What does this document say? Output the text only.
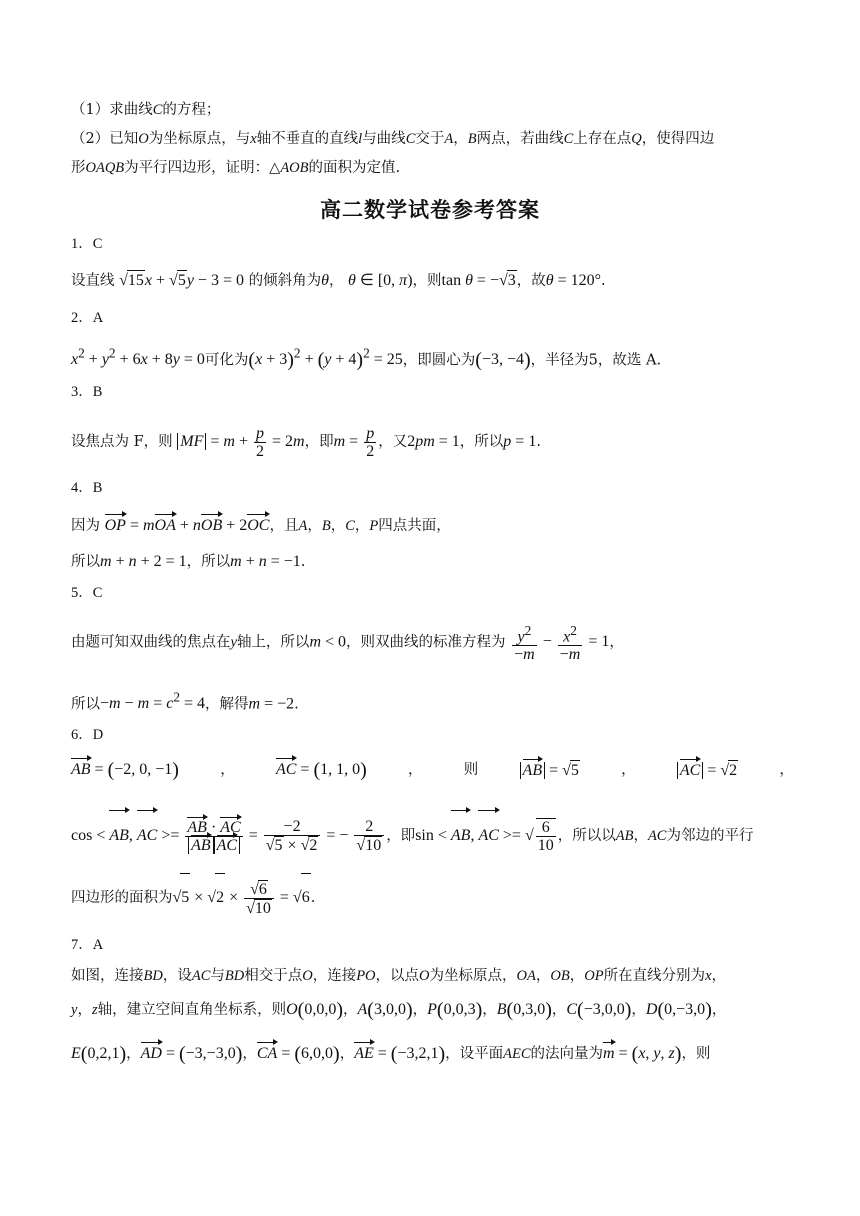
（1）求曲线C的方程；
（2）已知O为坐标原点，与x轴不垂直的直线l与曲线C交于A，B两点，若曲线C上存在点Q，使得四边
形OAQB为平行四边形，证明：△AOB的面积为定值.
高二数学试卷参考答案
1．C
设直线 √15x + √5y − 3 = 0 的倾斜角为θ， θ ∈ [0, π)，则tan θ = −√3，故θ = 120°.
2．A
$x^2 + y^2 + 6x + 8y = 0$可化为$(x + 3)^2 + (y + 4)^2 = 25$，即圆心为(−3, −4)，半径为5，故选 A.
3．B
设焦点为 F，则 MF = $m + \frac{p}{2} = 2m$，即$m = \frac{p}{2}$ ，又2pm = 1，所以p = 1.
4．B
因为 OP = mOA + nOB + 2OC，且A，B，C，P四点共面，
所以m + n + 2 = 1，所以m + n = −1.
5．C
由题可知双曲线的焦点在y轴上，所以m < 0，则双曲线的标准方程为 $\frac{y^2}{-m} - \frac{x^2}{-m} = 1$，
所以$-m - m = c^2 = 4$，解得m = −2.
6．D
AB = (−2, 0, −1)	，	AC = (1, 1, 0)	，	则	AB = √5	，	AC = √2	，
cos < AB, AC >= $\frac{AB \cdot AC}{\text{AB AC}} = \frac{-2}{√5 \times √2}$ = − $\frac{2}{√10}$ ，即sin < AB, AC >= √ $\frac{6}{10}$ ，所以以AB，AC为邻边的平行
四边形的面积为$√5 \times √2 \times \frac{√6}{√10} = √6$.
7．A
如图，连接BD，设AC与BD相交于点O，连接PO，以点O为坐标原点，OA，OB，OP所在直线分别为x，
y，z轴，建立空间直角坐标系，则O(0,0,0)，A(3,0,0)，P(0,0,3)，B(0,3,0)，C(−3,0,0)，D(0,−3,0)，
E(0,2,1)，AD = (−3,−3,0)，CA = (6,0,0)，AE = (−3,2,1)，设平面AEC的法向量为m = (x, y, z)，则
